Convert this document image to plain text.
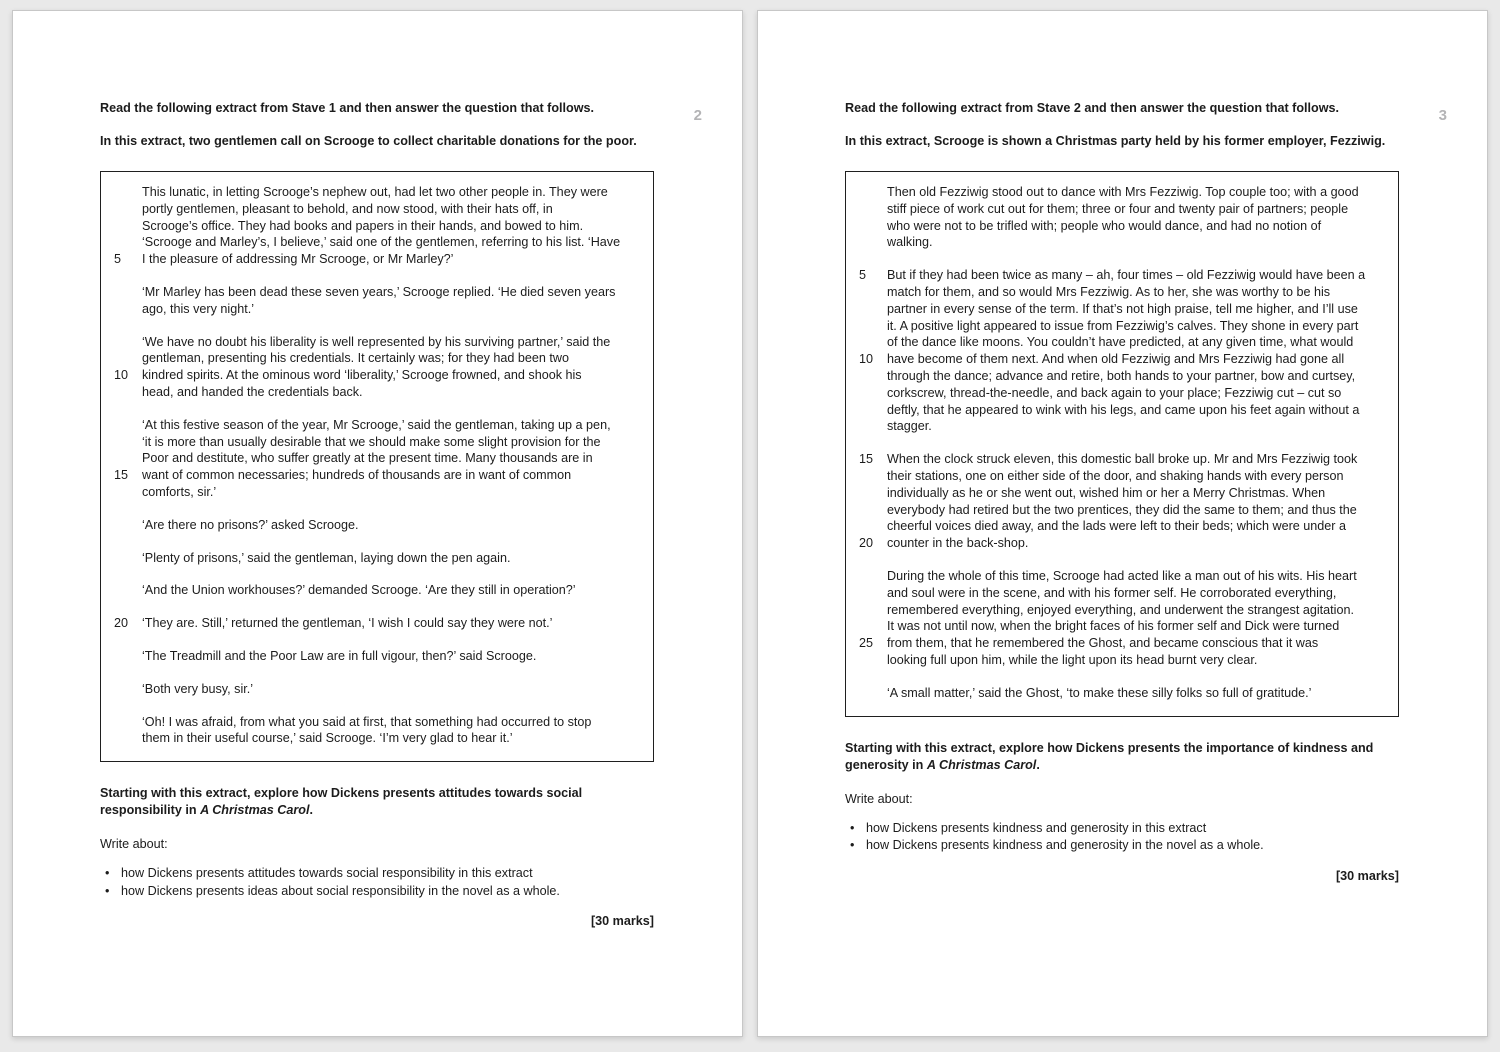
2

Read the following extract from Stave 1 and then answer the question that follows.

In this extract, two gentlemen call on Scrooge to collect charitable donations for the poor.

This lunatic, in letting Scrooge’s nephew out, had let two other people in. They were
portly gentlemen, pleasant to behold, and now stood, with their hats off, in
Scrooge’s office. They had books and papers in their hands, and bowed to him.
‘Scrooge and Marley’s, I believe,’ said one of the gentlemen, referring to his list. ‘Have
5	I the pleasure of addressing Mr Scrooge, or Mr Marley?’
‘Mr Marley has been dead these seven years,’ Scrooge replied. ‘He died seven years
ago, this very night.’
‘We have no doubt his liberality is well represented by his surviving partner,’ said the
gentleman, presenting his credentials. It certainly was; for they had been two
10	kindred spirits. At the ominous word ‘liberality,’ Scrooge frowned, and shook his
head, and handed the credentials back.
‘At this festive season of the year, Mr Scrooge,’ said the gentleman, taking up a pen,
‘it is more than usually desirable that we should make some slight provision for the
Poor and destitute, who suffer greatly at the present time. Many thousands are in
15	want of common necessaries; hundreds of thousands are in want of common
comforts, sir.’
‘Are there no prisons?’ asked Scrooge.
‘Plenty of prisons,’ said the gentleman, laying down the pen again.
‘And the Union workhouses?’ demanded Scrooge. ‘Are they still in operation?’
20	‘They are. Still,’ returned the gentleman, ‘I wish I could say they were not.’
‘The Treadmill and the Poor Law are in full vigour, then?’ said Scrooge.
‘Both very busy, sir.’
‘Oh! I was afraid, from what you said at first, that something had occurred to stop
them in their useful course,’ said Scrooge. ‘I’m very glad to hear it.’

Starting with this extract, explore how Dickens presents attitudes towards social responsibility in A Christmas Carol.

Write about:

• how Dickens presents attitudes towards social responsibility in this extract
• how Dickens presents ideas about social responsibility in the novel as a whole.

[30 marks]

3

Read the following extract from Stave 2 and then answer the question that follows.

In this extract, Scrooge is shown a Christmas party held by his former employer, Fezziwig.

Then old Fezziwig stood out to dance with Mrs Fezziwig. Top couple too; with a good
stiff piece of work cut out for them; three or four and twenty pair of partners; people
who were not to be trifled with; people who would dance, and had no notion of
walking.
5	But if they had been twice as many – ah, four times – old Fezziwig would have been a
match for them, and so would Mrs Fezziwig. As to her, she was worthy to be his
partner in every sense of the term. If that’s not high praise, tell me higher, and I’ll use
it. A positive light appeared to issue from Fezziwig’s calves. They shone in every part
of the dance like moons. You couldn’t have predicted, at any given time, what would
10	have become of them next. And when old Fezziwig and Mrs Fezziwig had gone all
through the dance; advance and retire, both hands to your partner, bow and curtsey,
corkscrew, thread-the-needle, and back again to your place; Fezziwig cut – cut so
deftly, that he appeared to wink with his legs, and came upon his feet again without a
stagger.
15	When the clock struck eleven, this domestic ball broke up. Mr and Mrs Fezziwig took
their stations, one on either side of the door, and shaking hands with every person
individually as he or she went out, wished him or her a Merry Christmas. When
everybody had retired but the two prentices, they did the same to them; and thus the
cheerful voices died away, and the lads were left to their beds; which were under a
20	counter in the back-shop.
During the whole of this time, Scrooge had acted like a man out of his wits. His heart
and soul were in the scene, and with his former self. He corroborated everything,
remembered everything, enjoyed everything, and underwent the strangest agitation.
It was not until now, when the bright faces of his former self and Dick were turned
25	from them, that he remembered the Ghost, and became conscious that it was
looking full upon him, while the light upon its head burnt very clear.
‘A small matter,’ said the Ghost, ‘to make these silly folks so full of gratitude.’

Starting with this extract, explore how Dickens presents the importance of kindness and generosity in A Christmas Carol.

Write about:

• how Dickens presents kindness and generosity in this extract
• how Dickens presents kindness and generosity in the novel as a whole.

[30 marks]
